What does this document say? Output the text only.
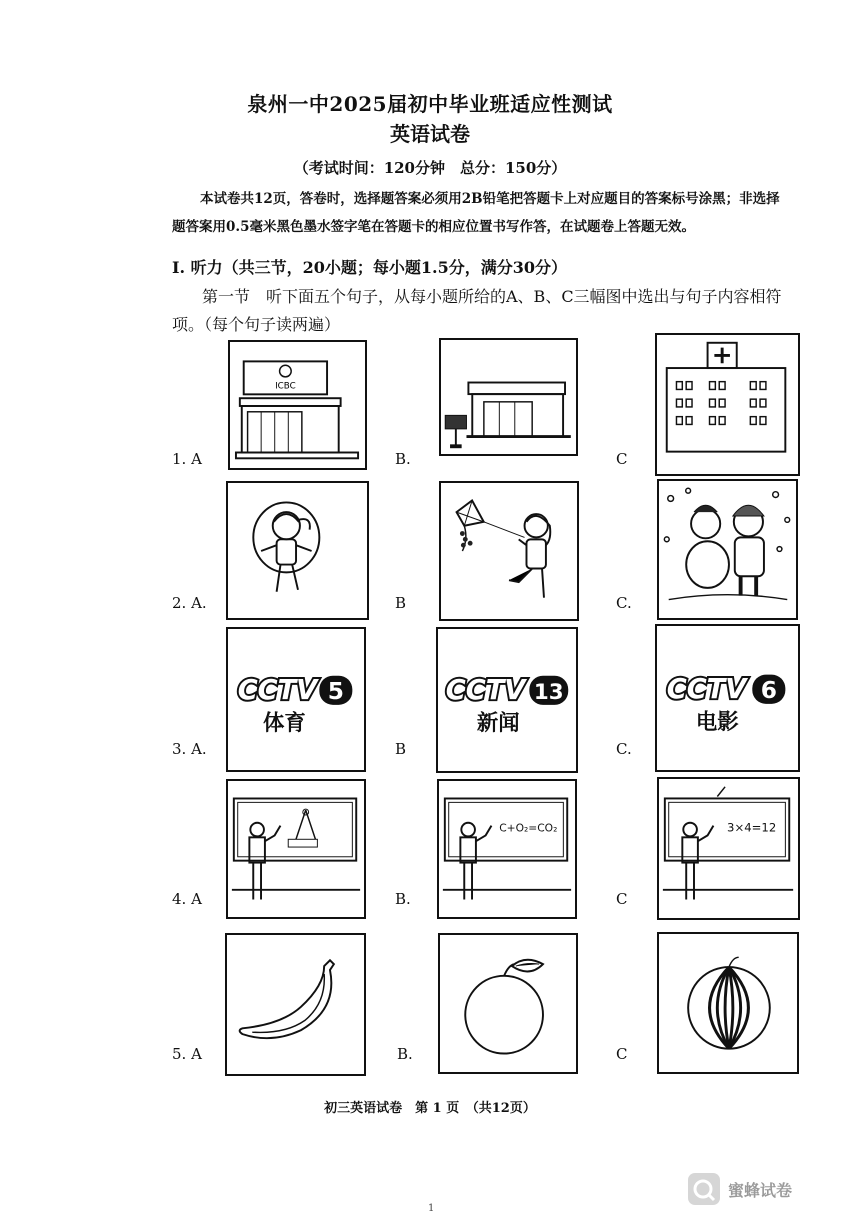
泉州一中2025届初中毕业班适应性测试
英语试卷
（考试时间：120分钟　总分：150分）
本试卷共12页，答卷时，选择题答案必须用2B铅笔把答题卡上对应题目的答案标号涂黑；非选择
题答案用0.5毫米黑色墨水签字笔在答题卡的相应位置书写作答，在试题卷上答题无效。
I. 听力（共三节，20小题；每小题1.5分，满分30分）
第一节　听下面五个句子，从每小题所给的A、B、C三幅图中选出与句子内容相符
项。（每个句子读两遍）
1. A	B.	C
ICBC
2. A.	B	C.
3. A.	B	C.
CCTV 5
体育
CCTV 13
新闻
CCTV 6
电影
4. A	B.	C
C+O₂=CO₂	3×4=12
5. A	B.	C
初三英语试卷　第 1 页　（共12页）
蜜蜂试卷
1
